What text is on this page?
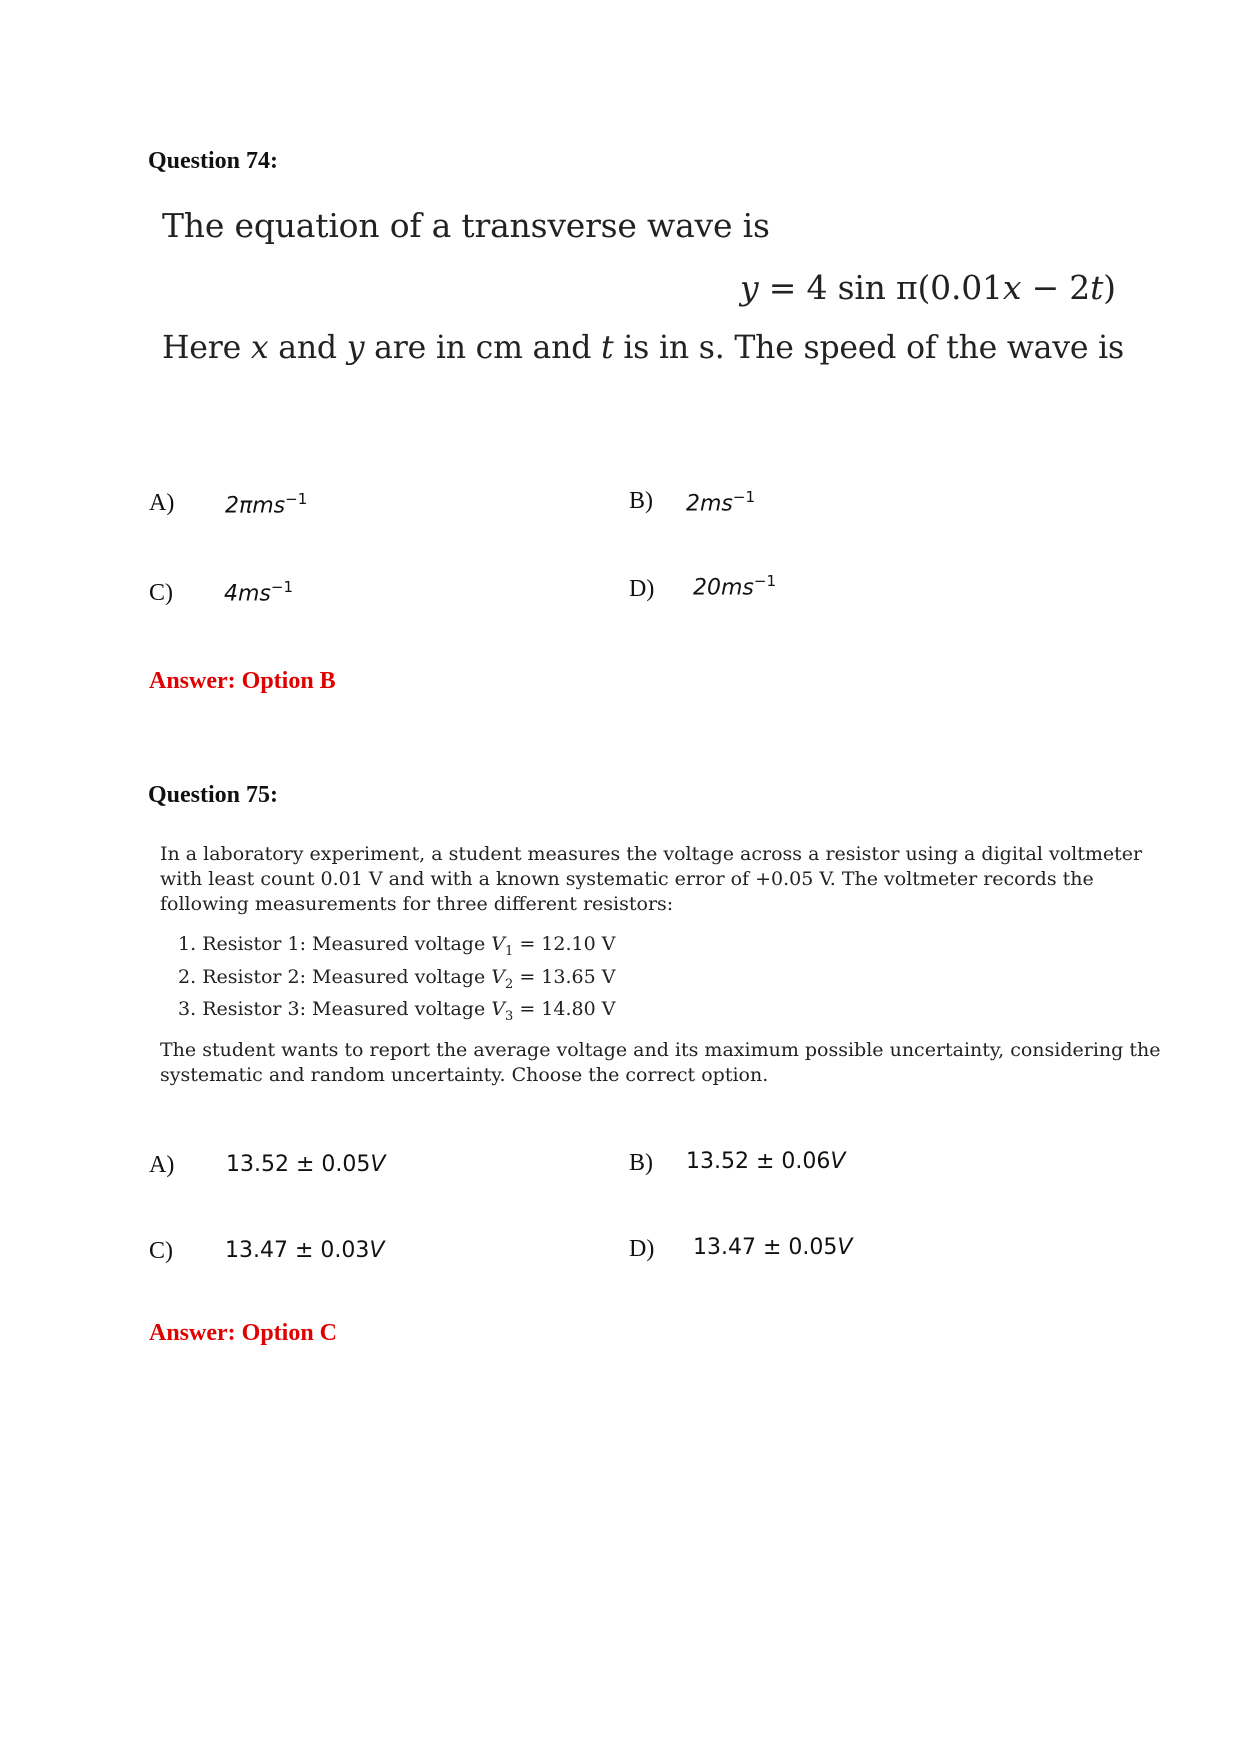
Question 74:
The equation of a transverse wave is
y = 4 sin π(0.01x − 2t)
Here x and y are in cm and t is in s. The speed of the wave is
A) 2πms$^{-1}$	B) $2ms^{-1}$
C) $4ms^{-1}$	D) $20ms^{-1}$
Answer: Option B
Question 75:

In a laboratory experiment, a student measures the voltage across a resistor using a digital voltmeter

with least count 0.01 V and with a known systematic error of +0.05 V. The voltmeter records the

following measurements for three different resistors:

1. Resistor 1: Measured voltage $V_1 = 12.10$ V
2. Resistor 2: Measured voltage $V_2 = 13.65$ V
3. Resistor 3: Measured voltage $V_3 = 14.80$ V

The student wants to report the average voltage and its maximum possible uncertainty, considering the

systematic and random uncertainty. Choose the correct option.

A) 13.52 ± 0.05V	B) 13.52 ± 0.06V
C) 13.47 ± 0.03V	D) 13.47 ± 0.05V
Answer: Option C
